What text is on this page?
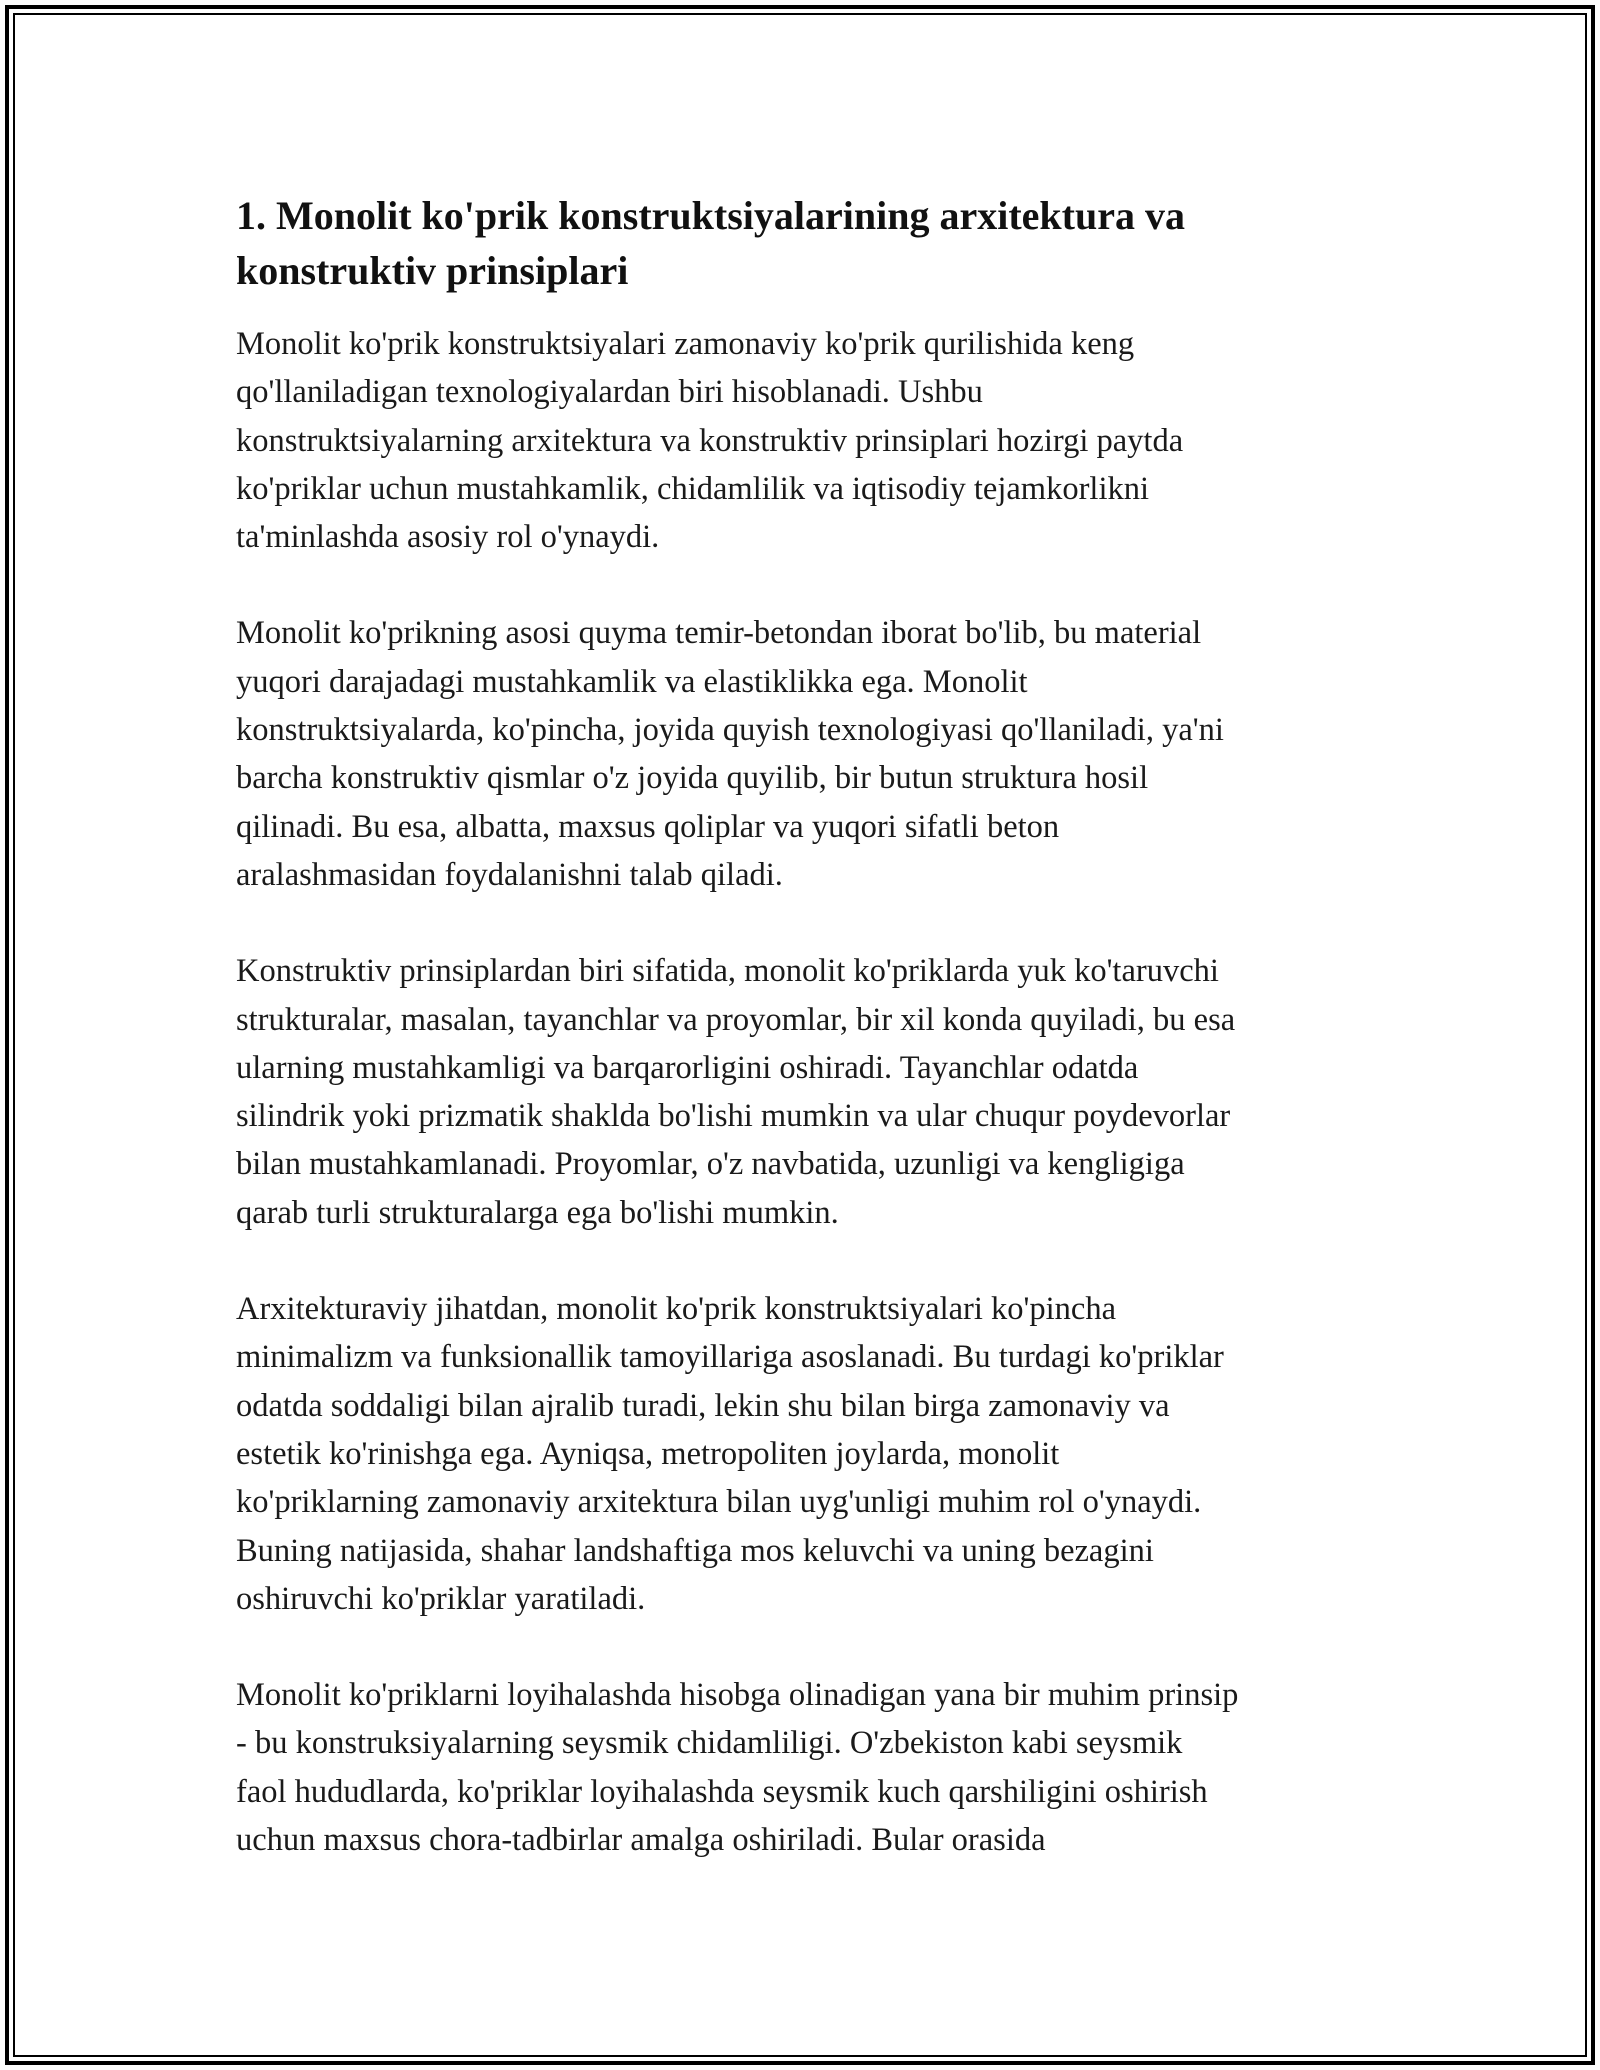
1. Monolit ko'prik konstruktsiyalarining arxitektura va
konstruktiv prinsiplari

Monolit ko'prik konstruktsiyalari zamonaviy ko'prik qurilishida keng
qo'llaniladigan texnologiyalardan biri hisoblanadi. Ushbu
konstruktsiyalarning arxitektura va konstruktiv prinsiplari hozirgi paytda
ko'priklar uchun mustahkamlik, chidamlilik va iqtisodiy tejamkorlikni
ta'minlashda asosiy rol o'ynaydi.

Monolit ko'prikning asosi quyma temir-betondan iborat bo'lib, bu material
yuqori darajadagi mustahkamlik va elastiklikka ega. Monolit
konstruktsiyalarda, ko'pincha, joyida quyish texnologiyasi qo'llaniladi, ya'ni
barcha konstruktiv qismlar o'z joyida quyilib, bir butun struktura hosil
qilinadi. Bu esa, albatta, maxsus qoliplar va yuqori sifatli beton
aralashmasidan foydalanishni talab qiladi.

Konstruktiv prinsiplardan biri sifatida, monolit ko'priklarda yuk ko'taruvchi
strukturalar, masalan, tayanchlar va proyomlar, bir xil konda quyiladi, bu esa
ularning mustahkamligi va barqarorligini oshiradi. Tayanchlar odatda
silindrik yoki prizmatik shaklda bo'lishi mumkin va ular chuqur poydevorlar
bilan mustahkamlanadi. Proyomlar, o'z navbatida, uzunligi va kengligiga
qarab turli strukturalarga ega bo'lishi mumkin.

Arxitekturaviy jihatdan, monolit ko'prik konstruktsiyalari ko'pincha
minimalizm va funksionallik tamoyillariga asoslanadi. Bu turdagi ko'priklar
odatda soddaligi bilan ajralib turadi, lekin shu bilan birga zamonaviy va
estetik ko'rinishga ega. Ayniqsa, metropoliten joylarda, monolit
ko'priklarning zamonaviy arxitektura bilan uyg'unligi muhim rol o'ynaydi.
Buning natijasida, shahar landshaftiga mos keluvchi va uning bezagini
oshiruvchi ko'priklar yaratiladi.

Monolit ko'priklarni loyihalashda hisobga olinadigan yana bir muhim prinsip
- bu konstruksiyalarning seysmik chidamliligi. O'zbekiston kabi seysmik
faol hududlarda, ko'priklar loyihalashda seysmik kuch qarshiligini oshirish
uchun maxsus chora-tadbirlar amalga oshiriladi. Bular orasida
